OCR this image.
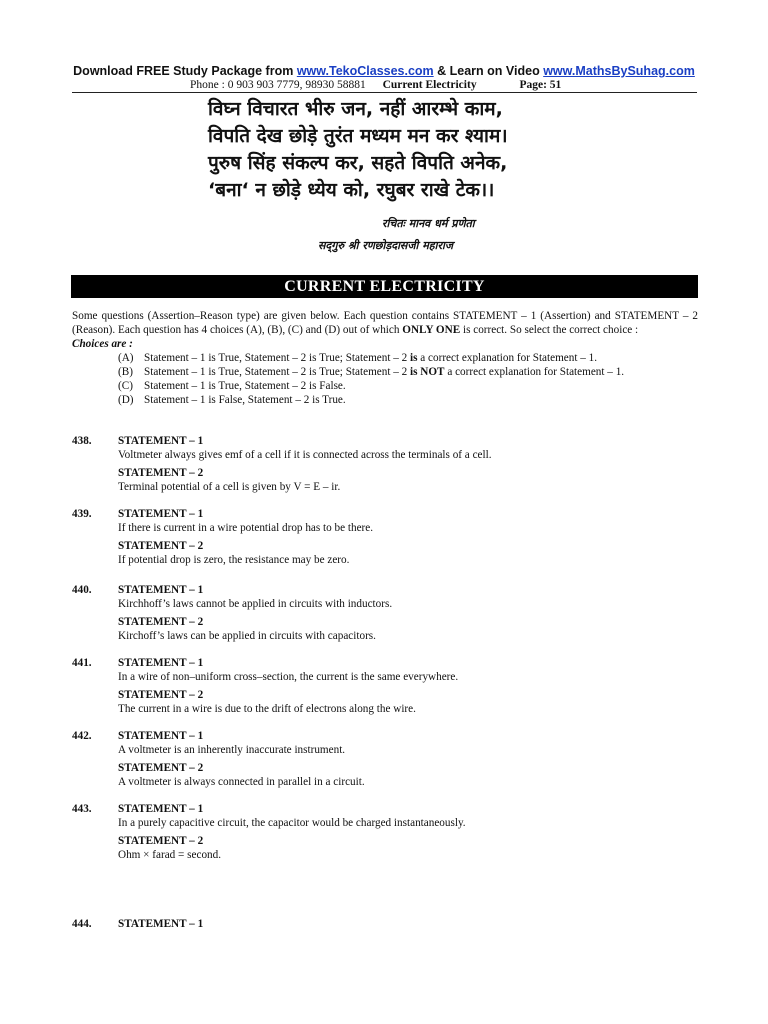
Download FREE Study Package from www.TekoClasses.com & Learn on Video www.MathsBySuhag.com
Phone : 0 903 903 7779, 98930 58881 Current Electricity	Page: 51
विघ्न विचारत भीरु जन, नहीं आरम्भे काम,
विपति देख छोड़े तुरंत मध्यम मन कर श्याम।
पुरुष सिंह संकल्प कर, सहते विपति अनेक,
‘बना‘ न छोड़े ध्येय को, रघुबर राखे टेक।।
रचितः मानव धर्म प्रणेता
सद्‌गुरु श्री रणछोड़दासजी महाराज
CURRENT ELECTRICITY

Some questions (Assertion–Reason type) are given below. Each question contains STATEMENT – 1 (Assertion) and STATEMENT – 2 (Reason). Each question has 4 choices (A), (B), (C) and (D) out of which ONLY ONE is correct. So select the correct choice :

Choices are :

(A) Statement – 1 is True, Statement – 2 is True; Statement – 2 is a correct explanation for Statement – 1.
(B) Statement – 1 is True, Statement – 2 is True; Statement – 2 is NOT a correct explanation for Statement – 1.
(C) Statement – 1 is True, Statement – 2 is False.
(D) Statement – 1 is False, Statement – 2 is True.
438. STATEMENT – 1
Voltmeter always gives emf of a cell if it is connected across the terminals of a cell.
STATEMENT – 2
Terminal potential of a cell is given by V = E – ir.
439. STATEMENT – 1
If there is current in a wire potential drop has to be there.
STATEMENT – 2
If potential drop is zero, the resistance may be zero.
440. STATEMENT – 1
Kirchhoff’s laws cannot be applied in circuits with inductors.
STATEMENT – 2
Kirchoff’s laws can be applied in circuits with capacitors.
441. STATEMENT – 1
In a wire of non–uniform cross–section, the current is the same everywhere.
STATEMENT – 2
The current in a wire is due to the drift of electrons along the wire.
442. STATEMENT – 1
A voltmeter is an inherently inaccurate instrument.
STATEMENT – 2
A voltmeter is always connected in parallel in a circuit.
443. STATEMENT – 1
In a purely capacitive circuit, the capacitor would be charged instantaneously.
STATEMENT – 2
Ohm × farad = second.
444. STATEMENT – 1
